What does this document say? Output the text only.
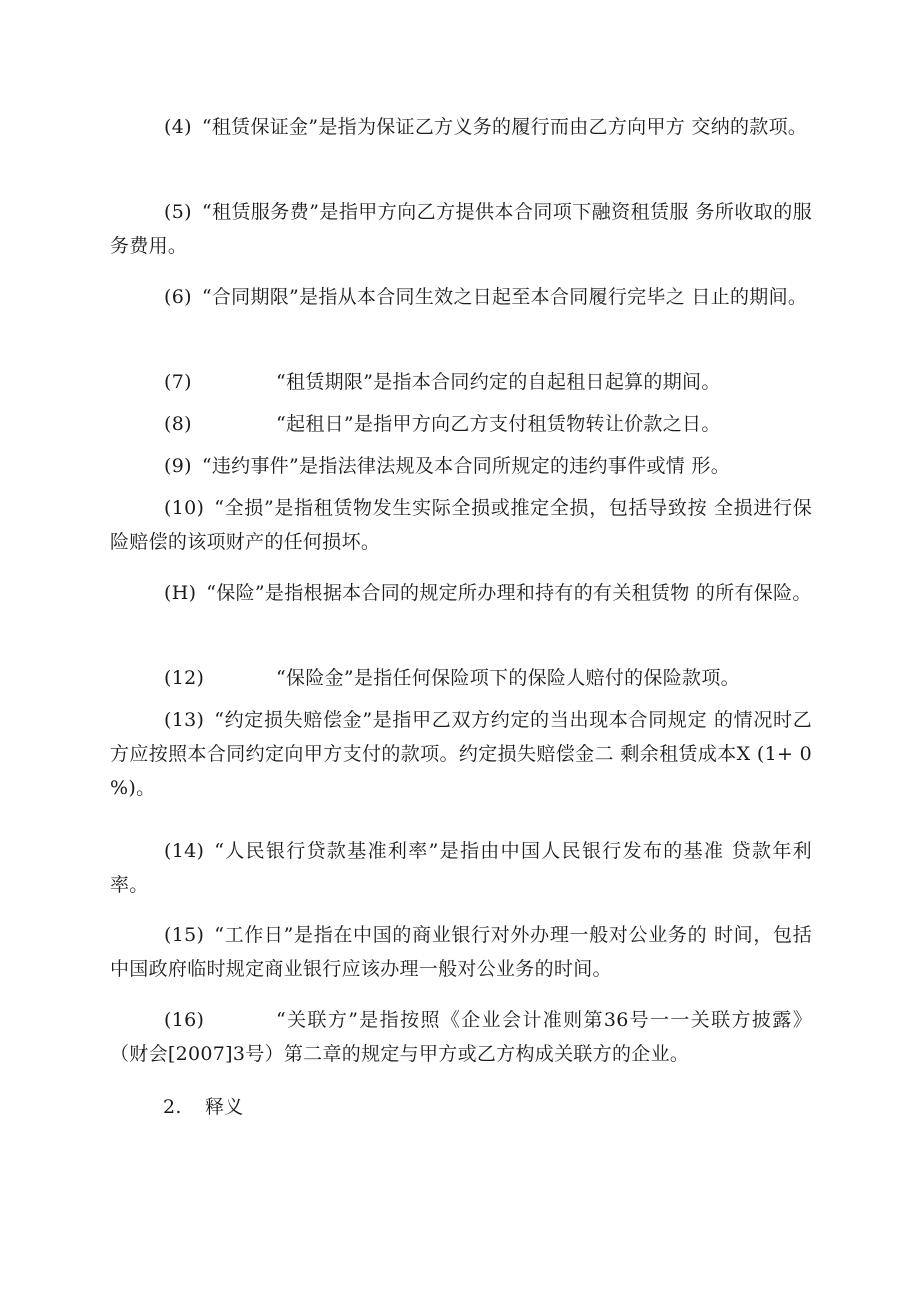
(4) “租赁保证金”是指为保证乙方义务的履行而由乙方向甲方 交纳的款项。

(5) “租赁服务费”是指甲方向乙方提供本合同项下融资租赁服 务所收取的服务费用。

(6) “合同期限”是指从本合同生效之日起至本合同履行完毕之 日止的期间。

(7)	“租赁期限”是指本合同约定的自起租日起算的期间。

(8)	“起租日”是指甲方向乙方支付租赁物转让价款之日。

(9) “违约事件”是指法律法规及本合同所规定的违约事件或情 形。

(10) “全损”是指租赁物发生实际全损或推定全损，包括导致按 全损进行保险赔偿的该项财产的任何损坏。

(H) “保险”是指根据本合同的规定所办理和持有的有关租赁物 的所有保险。

(12)	“保险金”是指任何保险项下的保险人赔付的保险款项。

(13) “约定损失赔偿金”是指甲乙双方约定的当出现本合同规定 的情况时乙方应按照本合同约定向甲方支付的款项。约定损失赔偿金二 剩余租赁成本X (1+ 0 %)。

(14) “人民银行贷款基准利率”是指由中国人民银行发布的基准 贷款年利率。

(15) “工作日”是指在中国的商业银行对外办理一般对公业务的 时间，包括中国政府临时规定商业银行应该办理一般对公业务的时间。

(16)	“关联方”是指按照《企业会计准则第36号一一关联方披露》（财会[2007]3号）第二章的规定与甲方或乙方构成关联方的企业。

2. 释义
